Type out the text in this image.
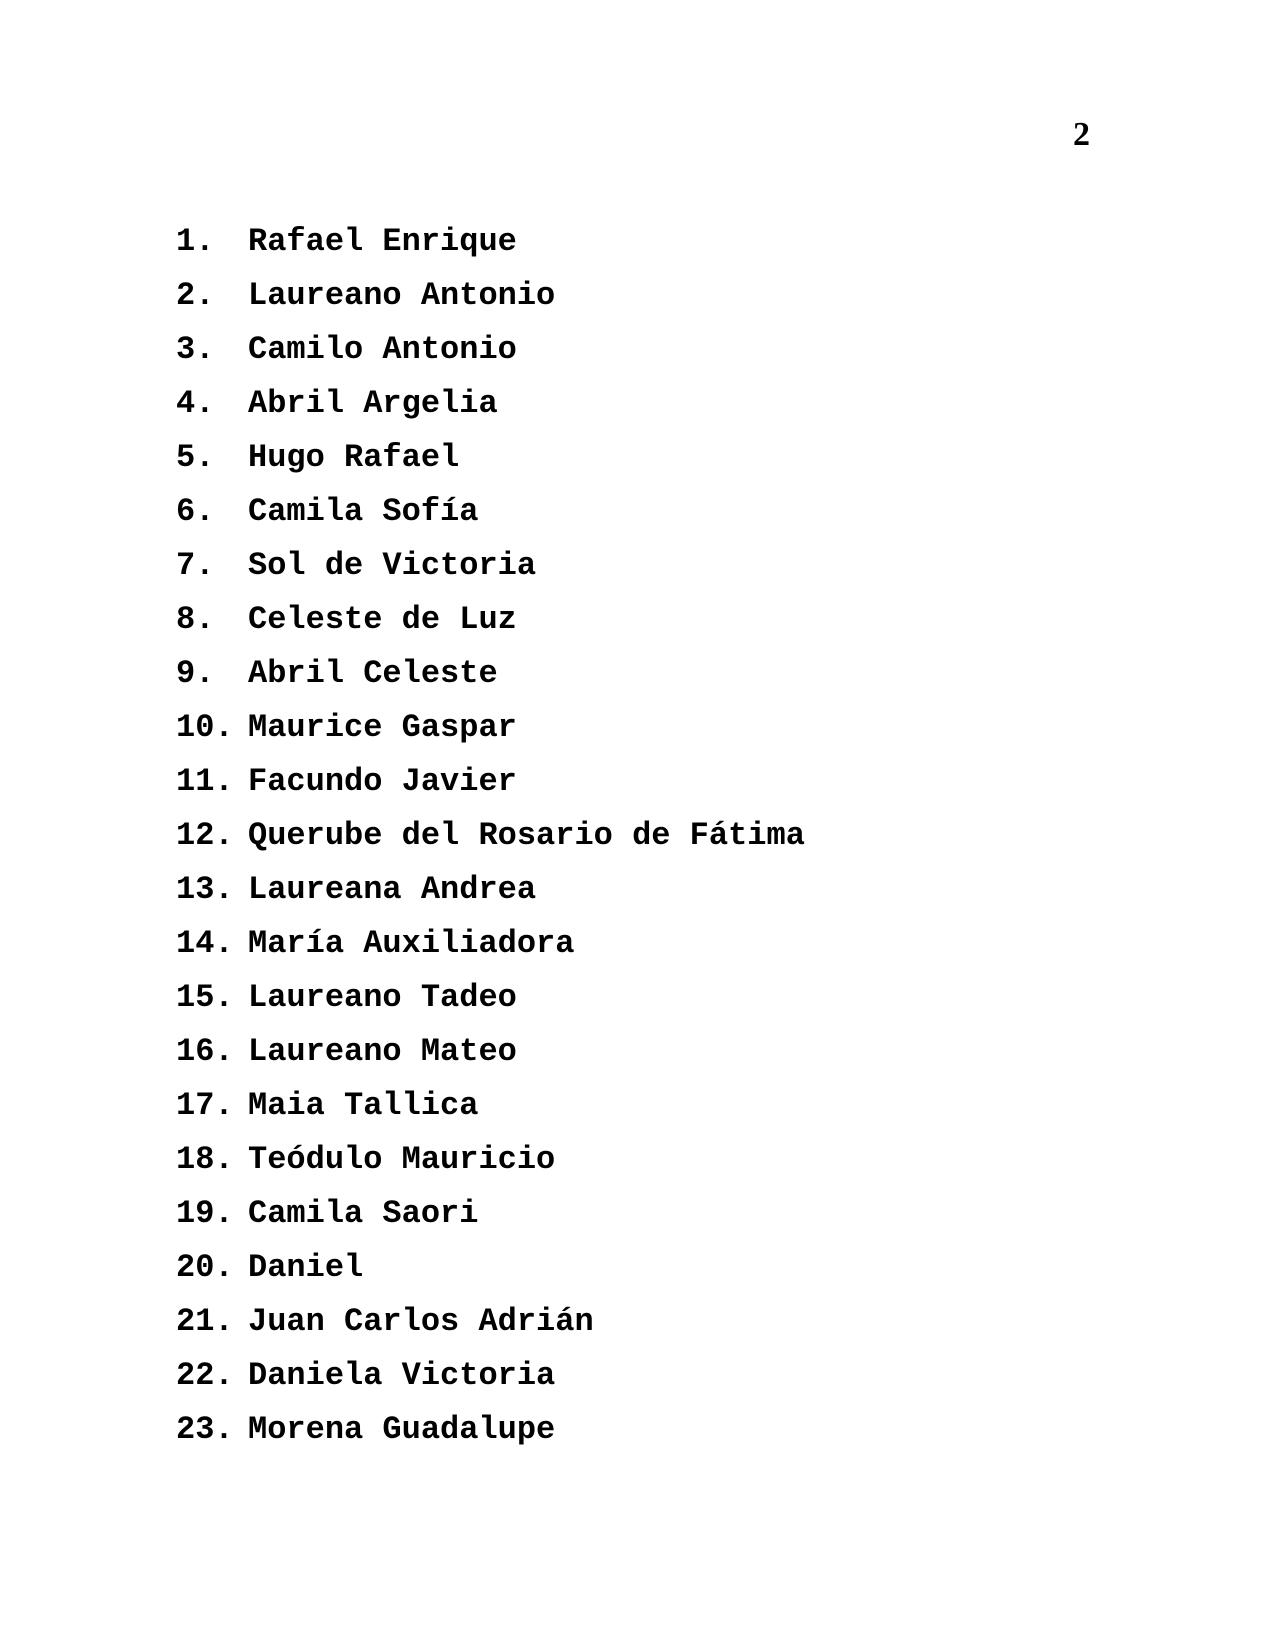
2

1.	Rafael Enrique
2.	Laureano Antonio
3.	Camilo Antonio
4.	Abril Argelia
5.	Hugo Rafael
6.	Camila Sofía
7.	Sol de Victoria
8.	Celeste de Luz
9.	Abril Celeste
10. Maurice Gaspar
11. Facundo Javier
12. Querube del Rosario de Fátima
13. Laureana Andrea
14. María Auxiliadora
15. Laureano Tadeo
16. Laureano Mateo
17. Maia Tallica
18. Teódulo Mauricio
19. Camila Saori
20. Daniel
21. Juan Carlos Adrián
22. Daniela Victoria
23. Morena Guadalupe
